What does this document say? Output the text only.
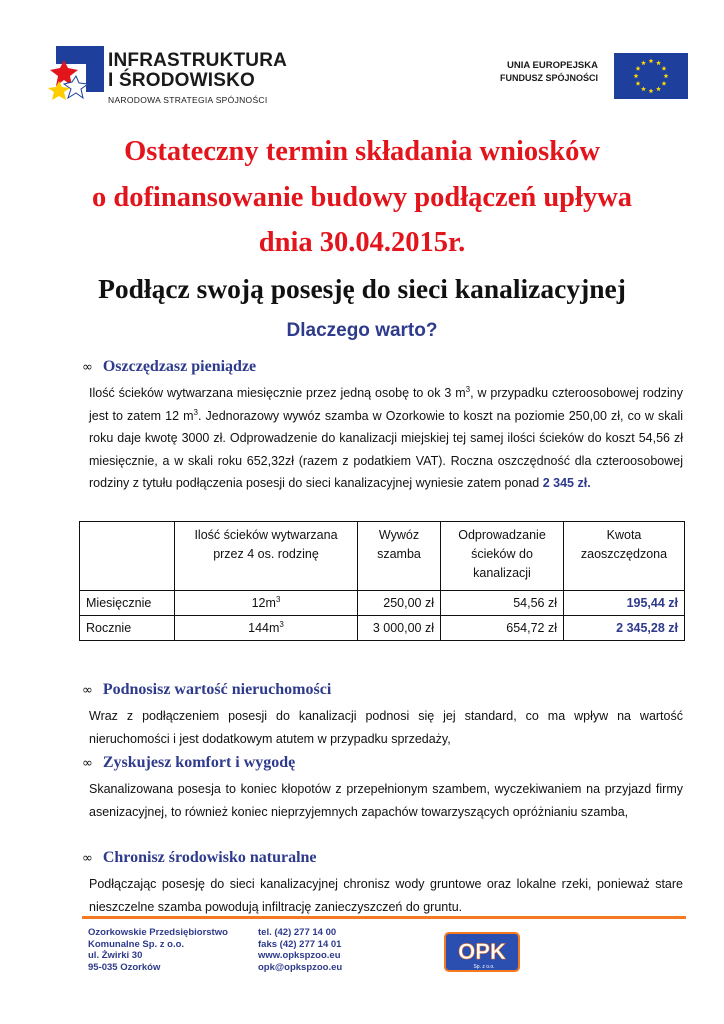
INFRASTRUKTURA
I ŚRODOWISKO
NARODOWA STRATEGIA SPÓJNOŚCI
UNIA EUROPEJSKA
FUNDUSZ SPÓJNOŚCI
Ostateczny termin składania wniosków
o dofinansowanie budowy podłączeń upływa
dnia 30.04.2015r.
Podłącz swoją posesję do sieci kanalizacyjnej
Dlaczego warto?
∞ Oszczędzasz pieniądze
Ilość ścieków wytwarzana miesięcznie przez jedną osobę to ok 3 $m^3$, w przypadku czteroosobowej rodziny jest to zatem 12 $m^3$. Jednorazowy wywóz szamba w Ozorkowie to koszt na poziomie 250,00 zł, co w skali roku daje kwotę 3000 zł. Odprowadzenie do kanalizacji miejskiej tej samej ilości ścieków do koszt 54,56 zł miesięcznie, a w skali roku 652,32zł (razem z podatkiem VAT). Roczna oszczędność dla czteroosobowej rodziny z tytułu podłączenia posesji do sieci kanalizacyjnej wyniesie zatem ponad 2 345 zł.
	Ilość ścieków wytwarzana przez 4 os. rodzinę	Wywóz szamba	Odprowadzanie ścieków do kanalizacji	Kwota zaoszczędzona
Miesięcznie	$12m^3$	250,00 zł	54,56 zł	195,44 zł
Rocznie	$144m^3$	3 000,00 zł	654,72 zł	2 345,28 zł
∞ Podnosisz wartość nieruchomości
Wraz z podłączeniem posesji do kanalizacji podnosi się jej standard, co ma wpływ na wartość nieruchomości i jest dodatkowym atutem w przypadku sprzedaży,
∞ Zyskujesz komfort i wygodę
Skanalizowana posesja to koniec kłopotów z przepełnionym szambem, wyczekiwaniem na przyjazd firmy asenizacyjnej, to również koniec nieprzyjemnych zapachów towarzyszących opróżnianiu szamba,
∞ Chronisz środowisko naturalne
Podłączając posesję do sieci kanalizacyjnej chronisz wody gruntowe oraz lokalne rzeki, ponieważ stare nieszczelne szamba powodują infiltrację zanieczyszczeń do gruntu.
Ozorkowskie Przedsiębiorstwo
Komunalne Sp. z o.o.
ul. Żwirki 30
95-035 Ozorków
tel. (42) 277 14 00
faks (42) 277 14 01
www.opkspzoo.eu
opk@opkspzoo.eu
OPK
Sp. z o.o.
